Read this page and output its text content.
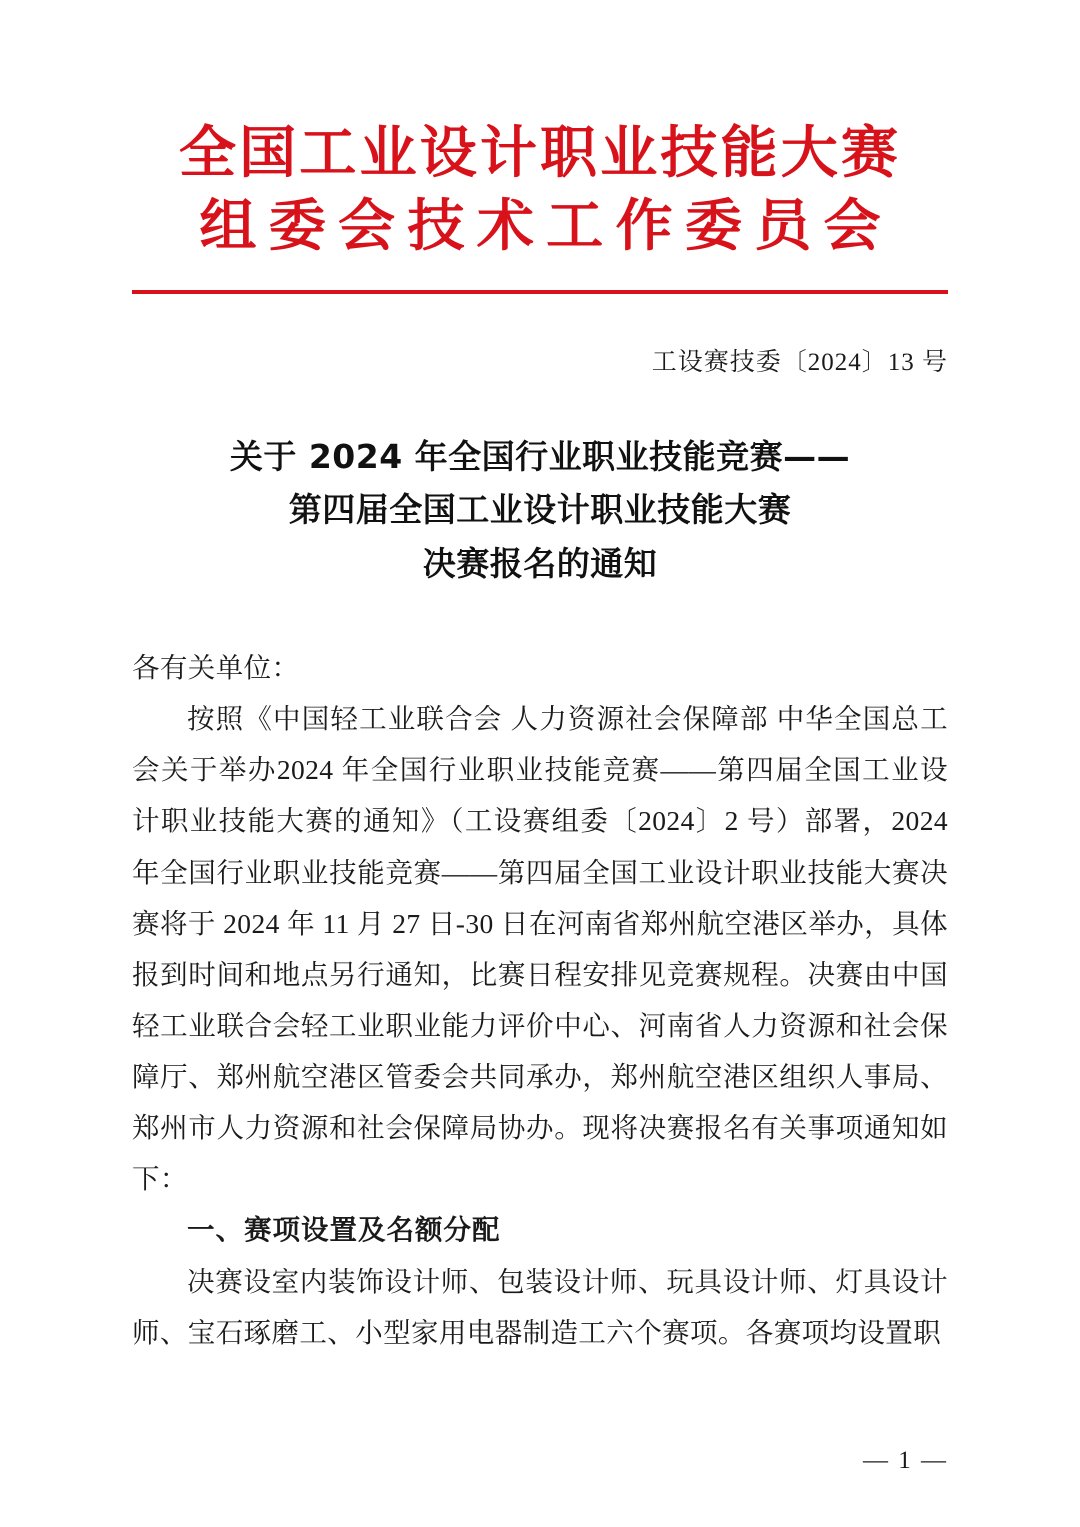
全国工业设计职业技能大赛
组委会技术工作委员会
工设赛技委〔2024〕13 号
关于 2024 年全国行业职业技能竞赛——
第四届全国工业设计职业技能大赛
决赛报名的通知

各有关单位：

按照《中国轻工业联合会 人力资源社会保障部 中华全国总工会关于举办2024 年全国行业职业技能竞赛——第四届全国工业设计职业技能大赛的通知》（工设赛组委〔2024〕2 号）部署，2024 年全国行业职业技能竞赛——第四届全国工业设计职业技能大赛决赛将于 2024 年 11 月 27 日-30 日在河南省郑州航空港区举办，具体报到时间和地点另行通知，比赛日程安排见竞赛规程。决赛由中国轻工业联合会轻工业职业能力评价中心、河南省人力资源和社会保障厅、郑州航空港区管委会共同承办，郑州航空港区组织人事局、郑州市人力资源和社会保障局协办。现将决赛报名有关事项通知如下：

一、赛项设置及名额分配

决赛设室内装饰设计师、包装设计师、玩具设计师、灯具设计师、宝石琢磨工、小型家用电器制造工六个赛项。各赛项均设置职

— 1 —
